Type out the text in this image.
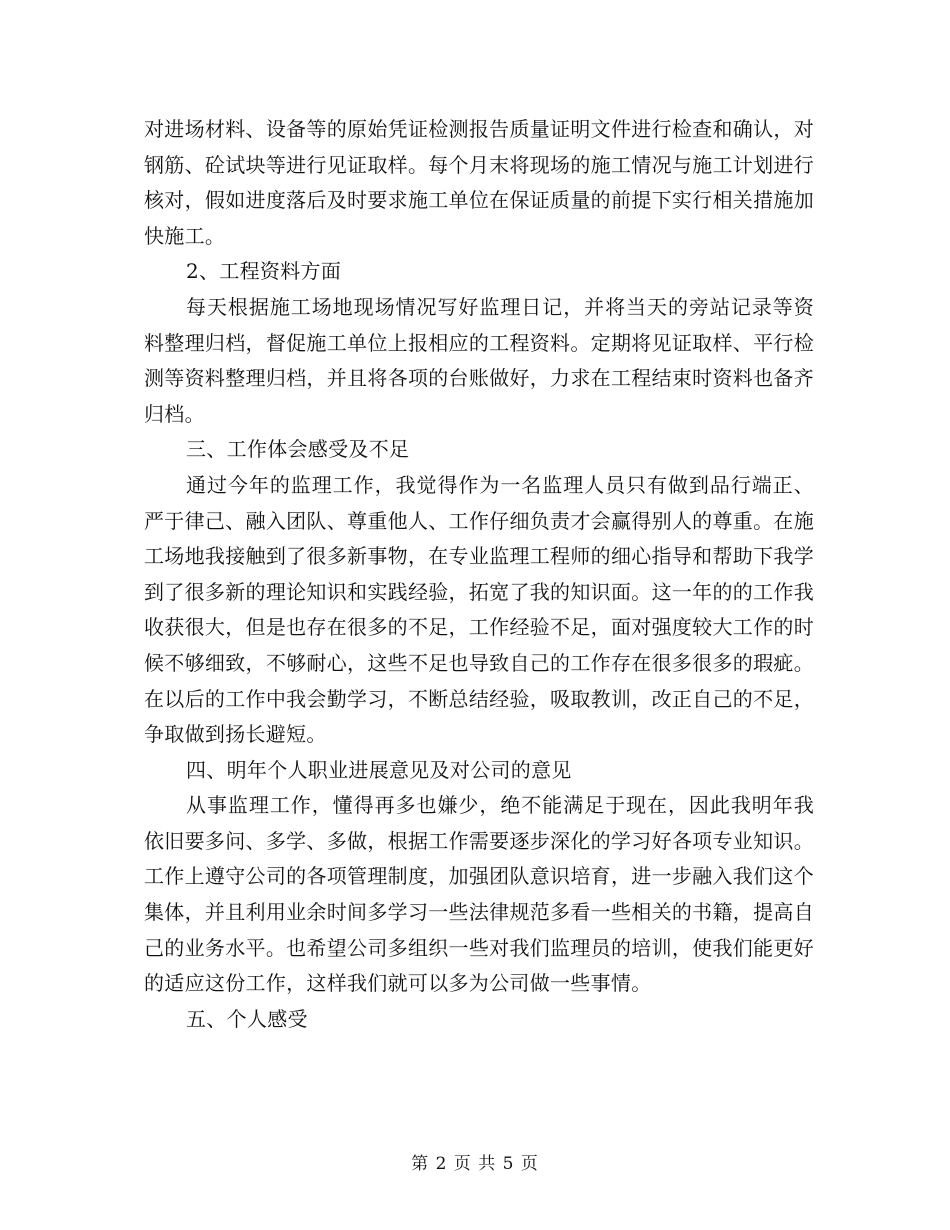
对进场材料、设备等的原始凭证检测报告质量证明文件进行检查和确认，对钢筋、砼试块等进行见证取样。每个月末将现场的施工情况与施工计划进行核对，假如进度落后及时要求施工单位在保证质量的前提下实行相关措施加快施工。

2、工程资料方面

每天根据施工场地现场情况写好监理日记，并将当天的旁站记录等资料整理归档，督促施工单位上报相应的工程资料。定期将见证取样、平行检测等资料整理归档，并且将各项的台账做好，力求在工程结束时资料也备齐归档。

三、工作体会感受及不足

通过今年的监理工作，我觉得作为一名监理人员只有做到品行端正、严于律己、融入团队、尊重他人、工作仔细负责才会赢得别人的尊重。在施工场地我接触到了很多新事物，在专业监理工程师的细心指导和帮助下我学到了很多新的理论知识和实践经验，拓宽了我的知识面。这一年的的工作我收获很大，但是也存在很多的不足，工作经验不足，面对强度较大工作的时候不够细致，不够耐心，这些不足也导致自己的工作存在很多很多的瑕疵。在以后的工作中我会勤学习，不断总结经验，吸取教训，改正自己的不足，争取做到扬长避短。

四、明年个人职业进展意见及对公司的意见

从事监理工作，懂得再多也嫌少，绝不能满足于现在，因此我明年我依旧要多问、多学、多做，根据工作需要逐步深化的学习好各项专业知识。工作上遵守公司的各项管理制度，加强团队意识培育，进一步融入我们这个集体，并且利用业余时间多学习一些法律规范多看一些相关的书籍，提高自己的业务水平。也希望公司多组织一些对我们监理员的培训，使我们能更好的适应这份工作，这样我们就可以多为公司做一些事情。

五、个人感受

第 2 页 共 5 页
